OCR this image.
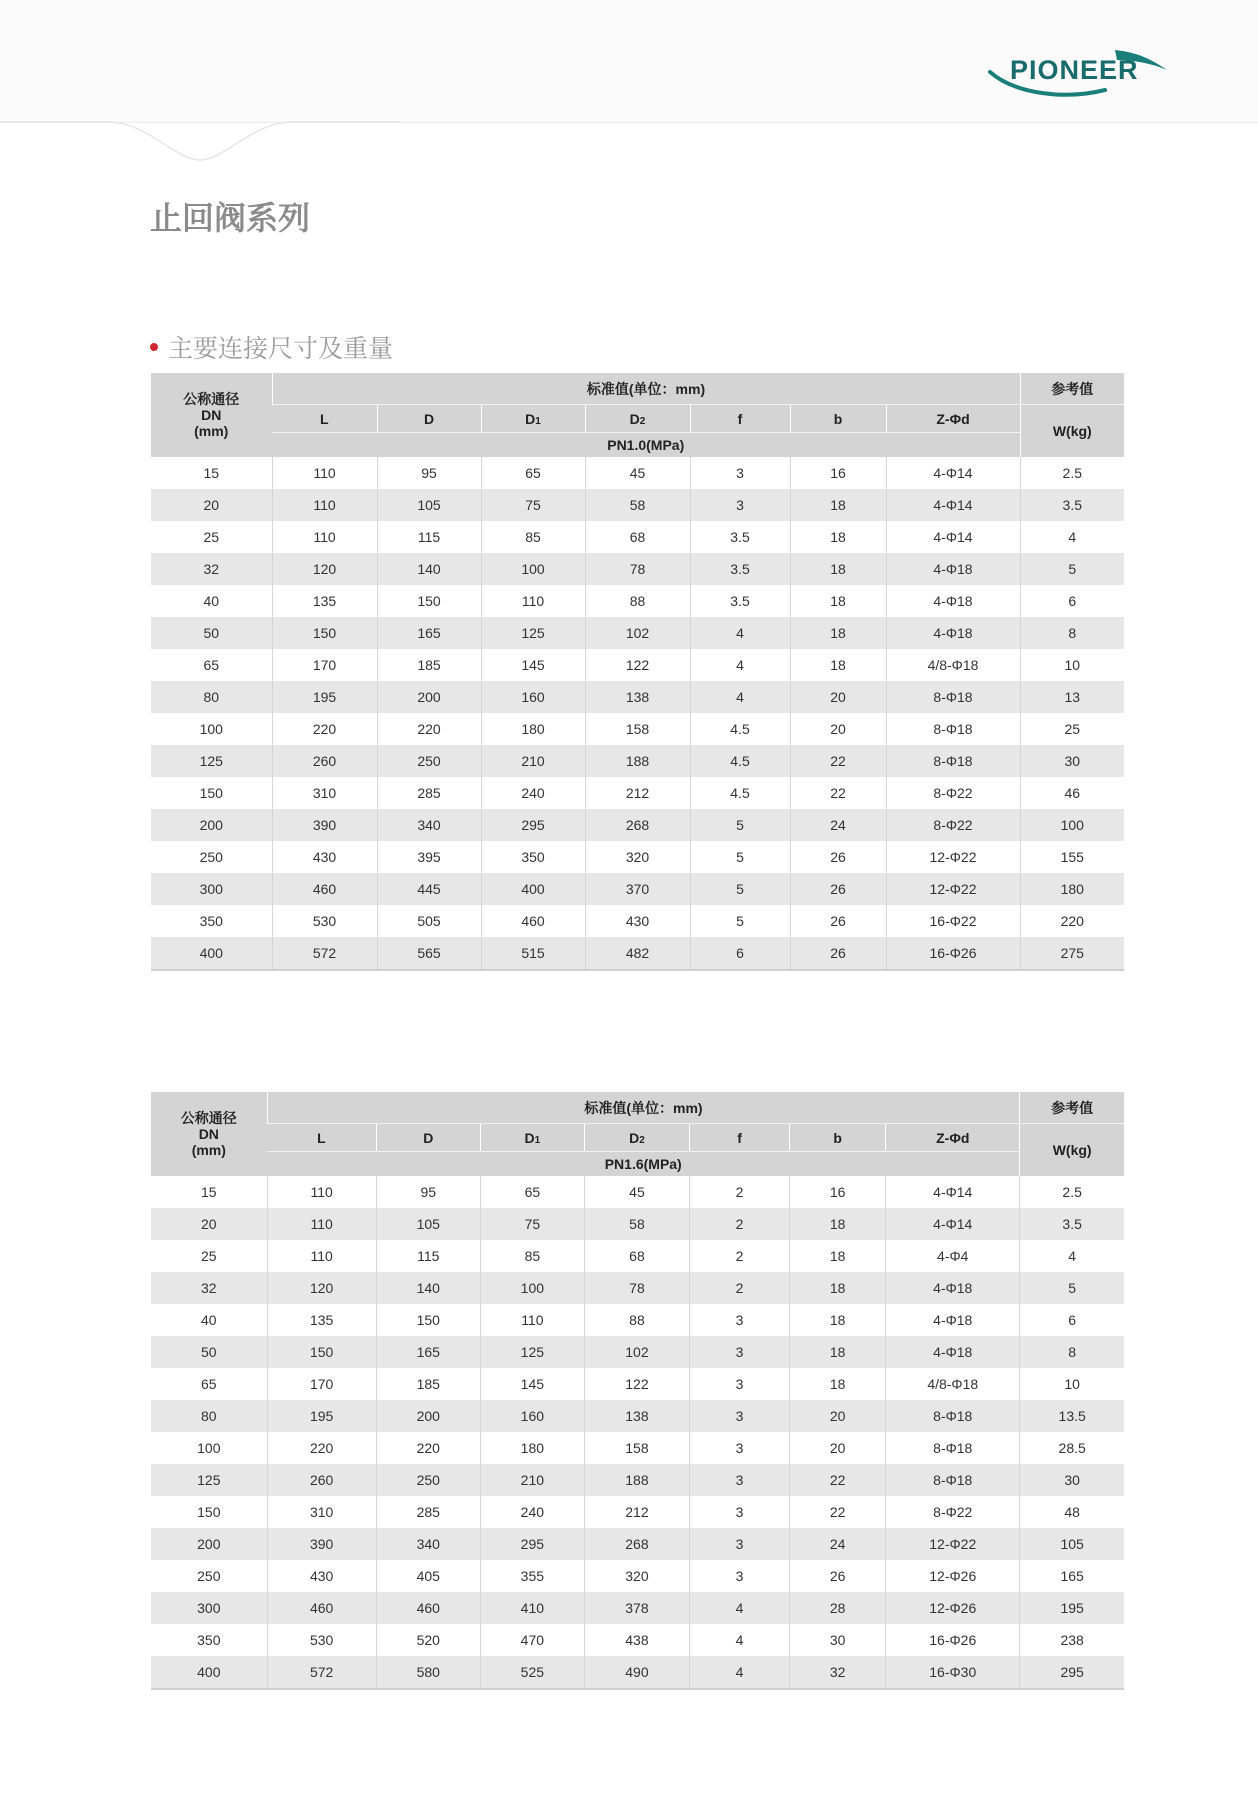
PIONEER
止回阀系列
主要连接尺寸及重量
公称通径
DN
(mm)	标准值(单位：mm)							参考值
	L	D	D1	D2	f	b	Z-Φd	W(kg)
	PN1.0(MPa)							
15	110	95	65	45	3	16	4-Φ14	2.5
20	110	105	75	58	3	18	4-Φ14	3.5
25	110	115	85	68	3.5	18	4-Φ14	4
32	120	140	100	78	3.5	18	4-Φ18	5
40	135	150	110	88	3.5	18	4-Φ18	6
50	150	165	125	102	4	18	4-Φ18	8
65	170	185	145	122	4	18	4/8-Φ18	10
80	195	200	160	138	4	20	8-Φ18	13
100	220	220	180	158	4.5	20	8-Φ18	25
125	260	250	210	188	4.5	22	8-Φ18	30
150	310	285	240	212	4.5	22	8-Φ22	46
200	390	340	295	268	5	24	8-Φ22	100
250	430	395	350	320	5	26	12-Φ22	155
300	460	445	400	370	5	26	12-Φ22	180
350	530	505	460	430	5	26	16-Φ22	220
400	572	565	515	482	6	26	16-Φ26	275
公称通径
DN
(mm)	标准值(单位：mm)							参考值
	L	D	D1	D2	f	b	Z-Φd	W(kg)
	PN1.6(MPa)							
15	110	95	65	45	2	16	4-Φ14	2.5
20	110	105	75	58	2	18	4-Φ14	3.5
25	110	115	85	68	2	18	4-Φ4	4
32	120	140	100	78	2	18	4-Φ18	5
40	135	150	110	88	3	18	4-Φ18	6
50	150	165	125	102	3	18	4-Φ18	8
65	170	185	145	122	3	18	4/8-Φ18	10
80	195	200	160	138	3	20	8-Φ18	13.5
100	220	220	180	158	3	20	8-Φ18	28.5
125	260	250	210	188	3	22	8-Φ18	30
150	310	285	240	212	3	22	8-Φ22	48
200	390	340	295	268	3	24	12-Φ22	105
250	430	405	355	320	3	26	12-Φ26	165
300	460	460	410	378	4	28	12-Φ26	195
350	530	520	470	438	4	30	16-Φ26	238
400	572	580	525	490	4	32	16-Φ30	295
